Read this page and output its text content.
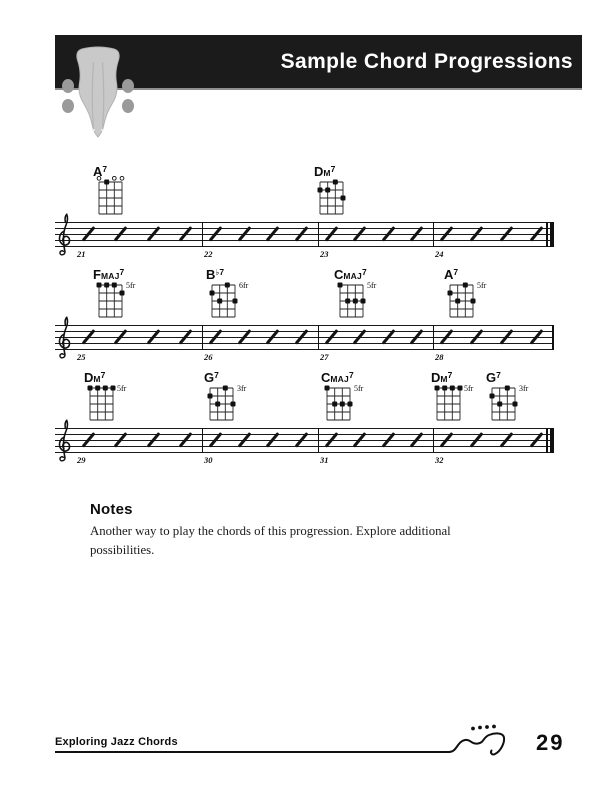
Sample Chord Progressions
21	22	23	24
$A^7$	$DM^7$
25	26	27	28
FMAJ$^7$
5fr
$B^{♭7}$
6fr
CMAJ$^7$
5fr
$A^7$
5fr
29	30	31	32
$DM^7$
5fr
$G^7$
3fr
CMAJ$^7$
5fr
$DM^7$
5fr
$G^7$
3fr
Notes
Another way to play the chords of this progression. Explore additional possibilities.
Exploring Jazz Chords	29
